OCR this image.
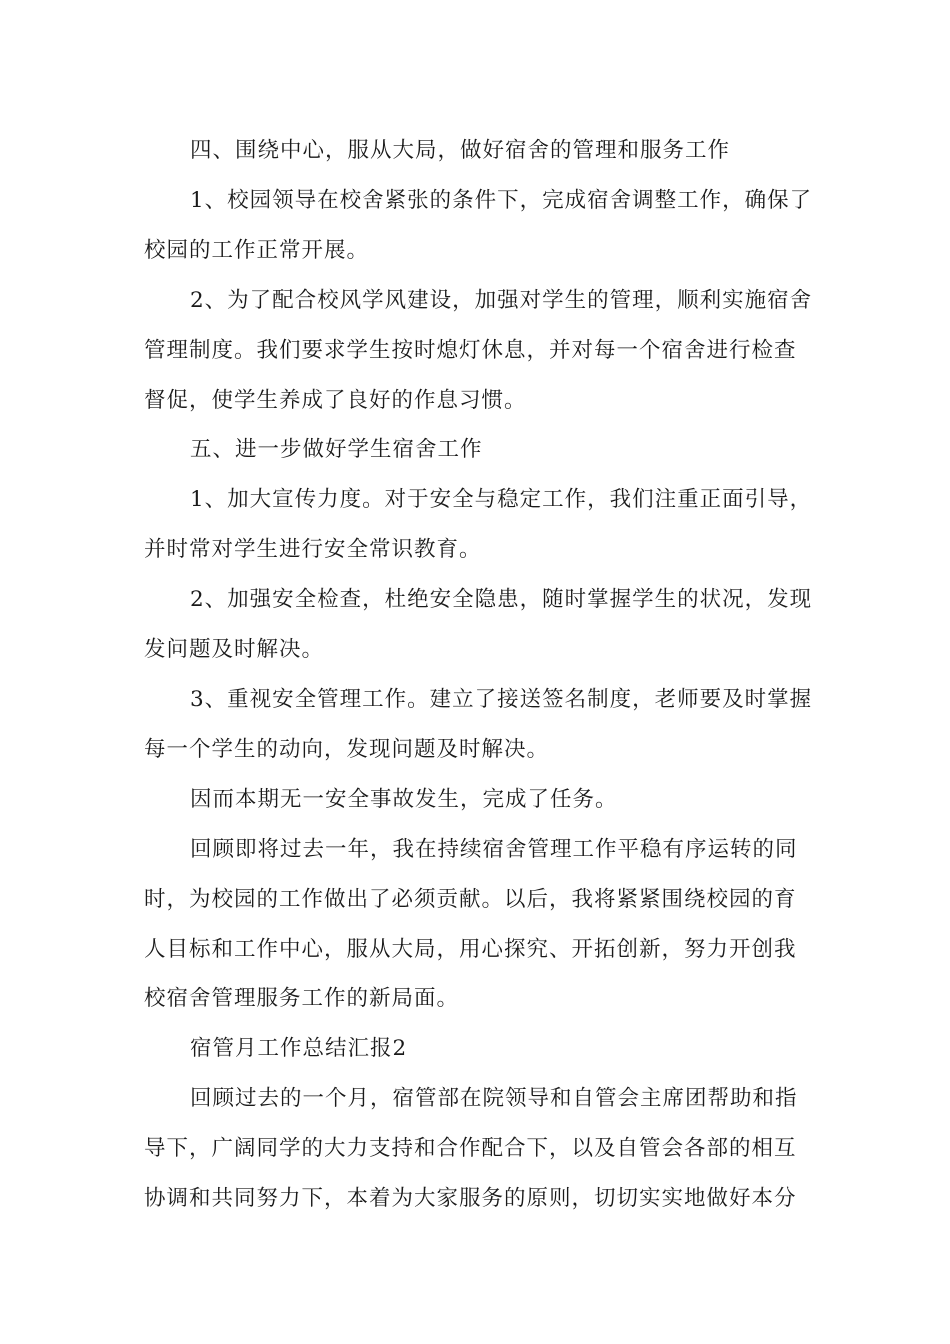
四、围绕中心，服从大局，做好宿舍的管理和服务工作
1、校园领导在校舍紧张的条件下，完成宿舍调整工作，确保了
校园的工作正常开展。
2、为了配合校风学风建设，加强对学生的管理，顺利实施宿舍
管理制度。我们要求学生按时熄灯休息，并对每一个宿舍进行检查
督促，使学生养成了良好的作息习惯。
五、进一步做好学生宿舍工作
1、加大宣传力度。对于安全与稳定工作，我们注重正面引导，
并时常对学生进行安全常识教育。
2、加强安全检查，杜绝安全隐患，随时掌握学生的状况，发现
发问题及时解决。
3、重视安全管理工作。建立了接送签名制度，老师要及时掌握
每一个学生的动向，发现问题及时解决。
因而本期无一安全事故发生，完成了任务。
回顾即将过去一年，我在持续宿舍管理工作平稳有序运转的同
时，为校园的工作做出了必须贡献。以后，我将紧紧围绕校园的育
人目标和工作中心，服从大局，用心探究、开拓创新，努力开创我
校宿舍管理服务工作的新局面。
宿管月工作总结汇报2
回顾过去的一个月，宿管部在院领导和自管会主席团帮助和指
导下，广阔同学的大力支持和合作配合下，以及自管会各部的相互
协调和共同努力下，本着为大家服务的原则，切切实实地做好本分
